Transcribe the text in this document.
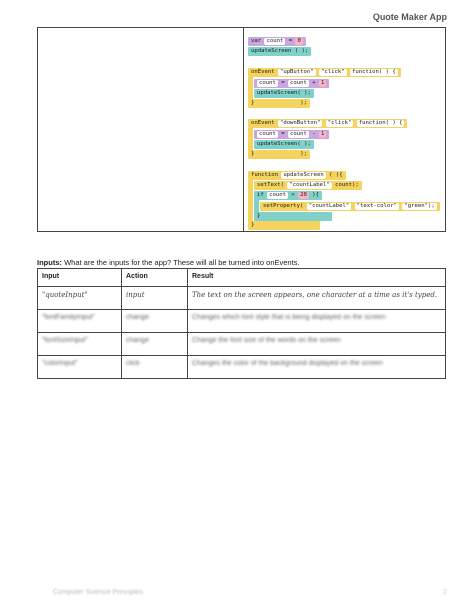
Quote Maker App
var count = 0
updateScreen ( );
onEvent "upButton" "click" function( ) {
count = count + 1
updateScreen( );
}	);
onEvent "downButton" "click" function( ) {
count = count - 1
updateScreen( );
}	);
function updateScreen ( ){
setText( "countLabel" count);
if count > 20 ){
setProperty( "countLabel" "text-color" "green");
}
}
Inputs: What are the inputs for the app? These will all be turned into onEvents.
Input	Action	Result
"quoteInput"	input	The text on the screen appears, one character at a time as it's typed.
"fontFamilyInput"	change	Changes which font style that is being displayed on the screen
"fontSizeInput"	change	Change the font size of the words on the screen
"colorInput"	click	Changes the color of the background displayed on the screen
Computer Science Principles	2
